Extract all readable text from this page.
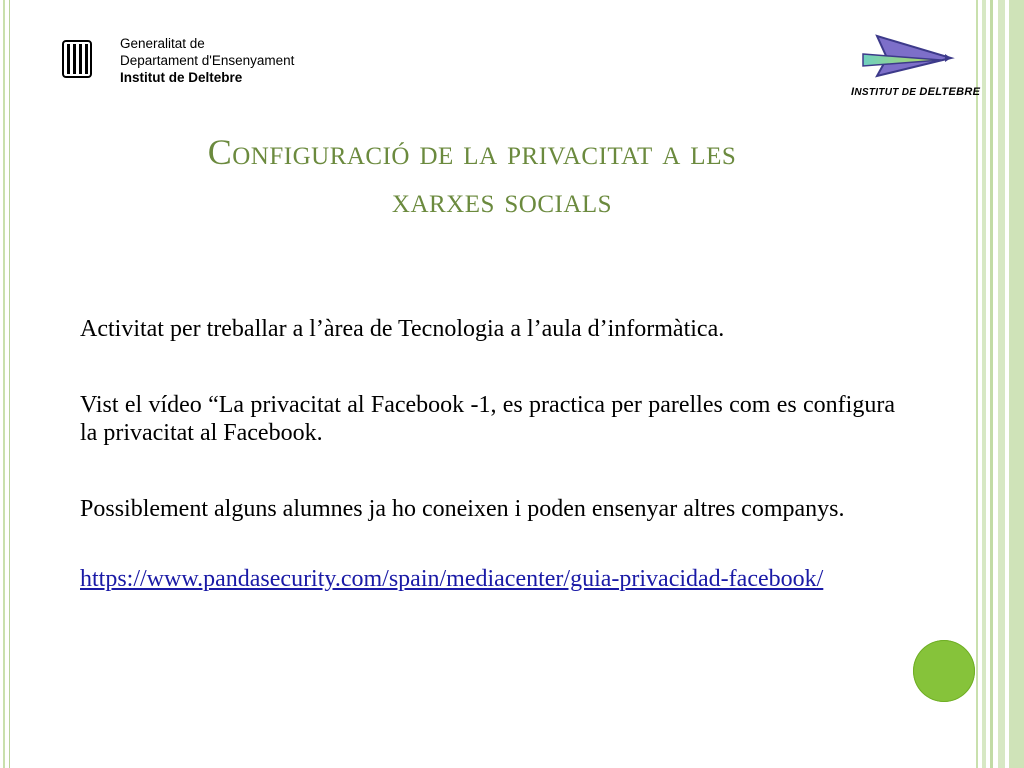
Generalitat de
Departament d'Ensenyament
Institut de Deltebre
INSTITUT DE DELTEBRE
Configuració de la privacitat a les
xarxes socials

Activitat per treballar a l’àrea de Tecnologia a l’aula d’informàtica.

Vist el vídeo “La privacitat al Facebook -1, es practica per parelles com es configura la privacitat al Facebook.

Possiblement alguns alumnes ja ho coneixen i poden ensenyar altres companys.

https://www.pandasecurity.com/spain/mediacenter/guia-privacidad-facebook/
